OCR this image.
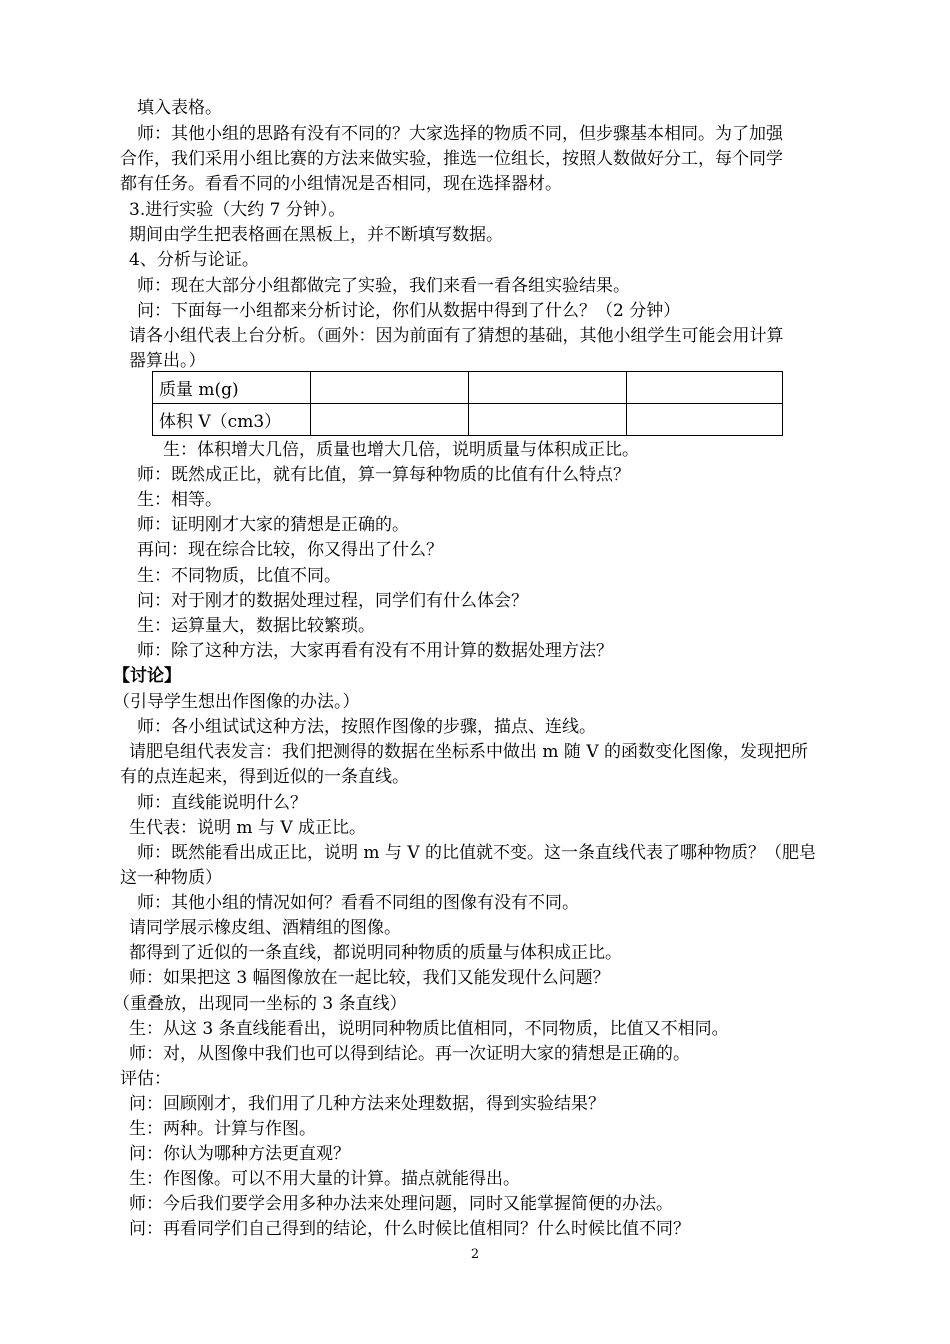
填入表格。
师：其他小组的思路有没有不同的？大家选择的物质不同，但步骤基本相同。为了加强
合作，我们采用小组比赛的方法来做实验，推选一位组长，按照人数做好分工，每个同学
都有任务。看看不同的小组情况是否相同，现在选择器材。
3.进行实验（大约 7 分钟）。
期间由学生把表格画在黑板上，并不断填写数据。
4、分析与论证。
师：现在大部分小组都做完了实验，我们来看一看各组实验结果。
问：下面每一小组都来分析讨论，你们从数据中得到了什么？（2 分钟）
请各小组代表上台分析。（画外：因为前面有了猜想的基础，其他小组学生可能会用计算
器算出。）
质量 m(g)			
体积 V（cm3）			
生：体积增大几倍，质量也增大几倍，说明质量与体积成正比。
师：既然成正比，就有比值，算一算每种物质的比值有什么特点？
生：相等。
师：证明刚才大家的猜想是正确的。
再问：现在综合比较，你又得出了什么？
生：不同物质，比值不同。
问：对于刚才的数据处理过程，同学们有什么体会？
生：运算量大，数据比较繁琐。
师：除了这种方法，大家再看有没有不用计算的数据处理方法？
【讨论】
（引导学生想出作图像的办法。）
师：各小组试试这种方法，按照作图像的步骤，描点、连线。
请肥皂组代表发言：我们把测得的数据在坐标系中做出 m 随 V 的函数变化图像，发现把所
有的点连起来，得到近似的一条直线。
师：直线能说明什么？
生代表：说明 m 与 V 成正比。
师：既然能看出成正比，说明 m 与 V 的比值就不变。这一条直线代表了哪种物质？（肥皂
这一种物质）
师：其他小组的情况如何？看看不同组的图像有没有不同。
请同学展示橡皮组、酒精组的图像。
都得到了近似的一条直线，都说明同种物质的质量与体积成正比。
师：如果把这 3 幅图像放在一起比较，我们又能发现什么问题？
（重叠放，出现同一坐标的 3 条直线）
生：从这 3 条直线能看出，说明同种物质比值相同，不同物质，比值又不相同。
师：对，从图像中我们也可以得到结论。再一次证明大家的猜想是正确的。
评估：
问：回顾刚才，我们用了几种方法来处理数据，得到实验结果？
生：两种。计算与作图。
问：你认为哪种方法更直观？
生：作图像。可以不用大量的计算。描点就能得出。
师：今后我们要学会用多种办法来处理问题，同时又能掌握简便的办法。
问：再看同学们自己得到的结论，什么时候比值相同？什么时候比值不同？
2
